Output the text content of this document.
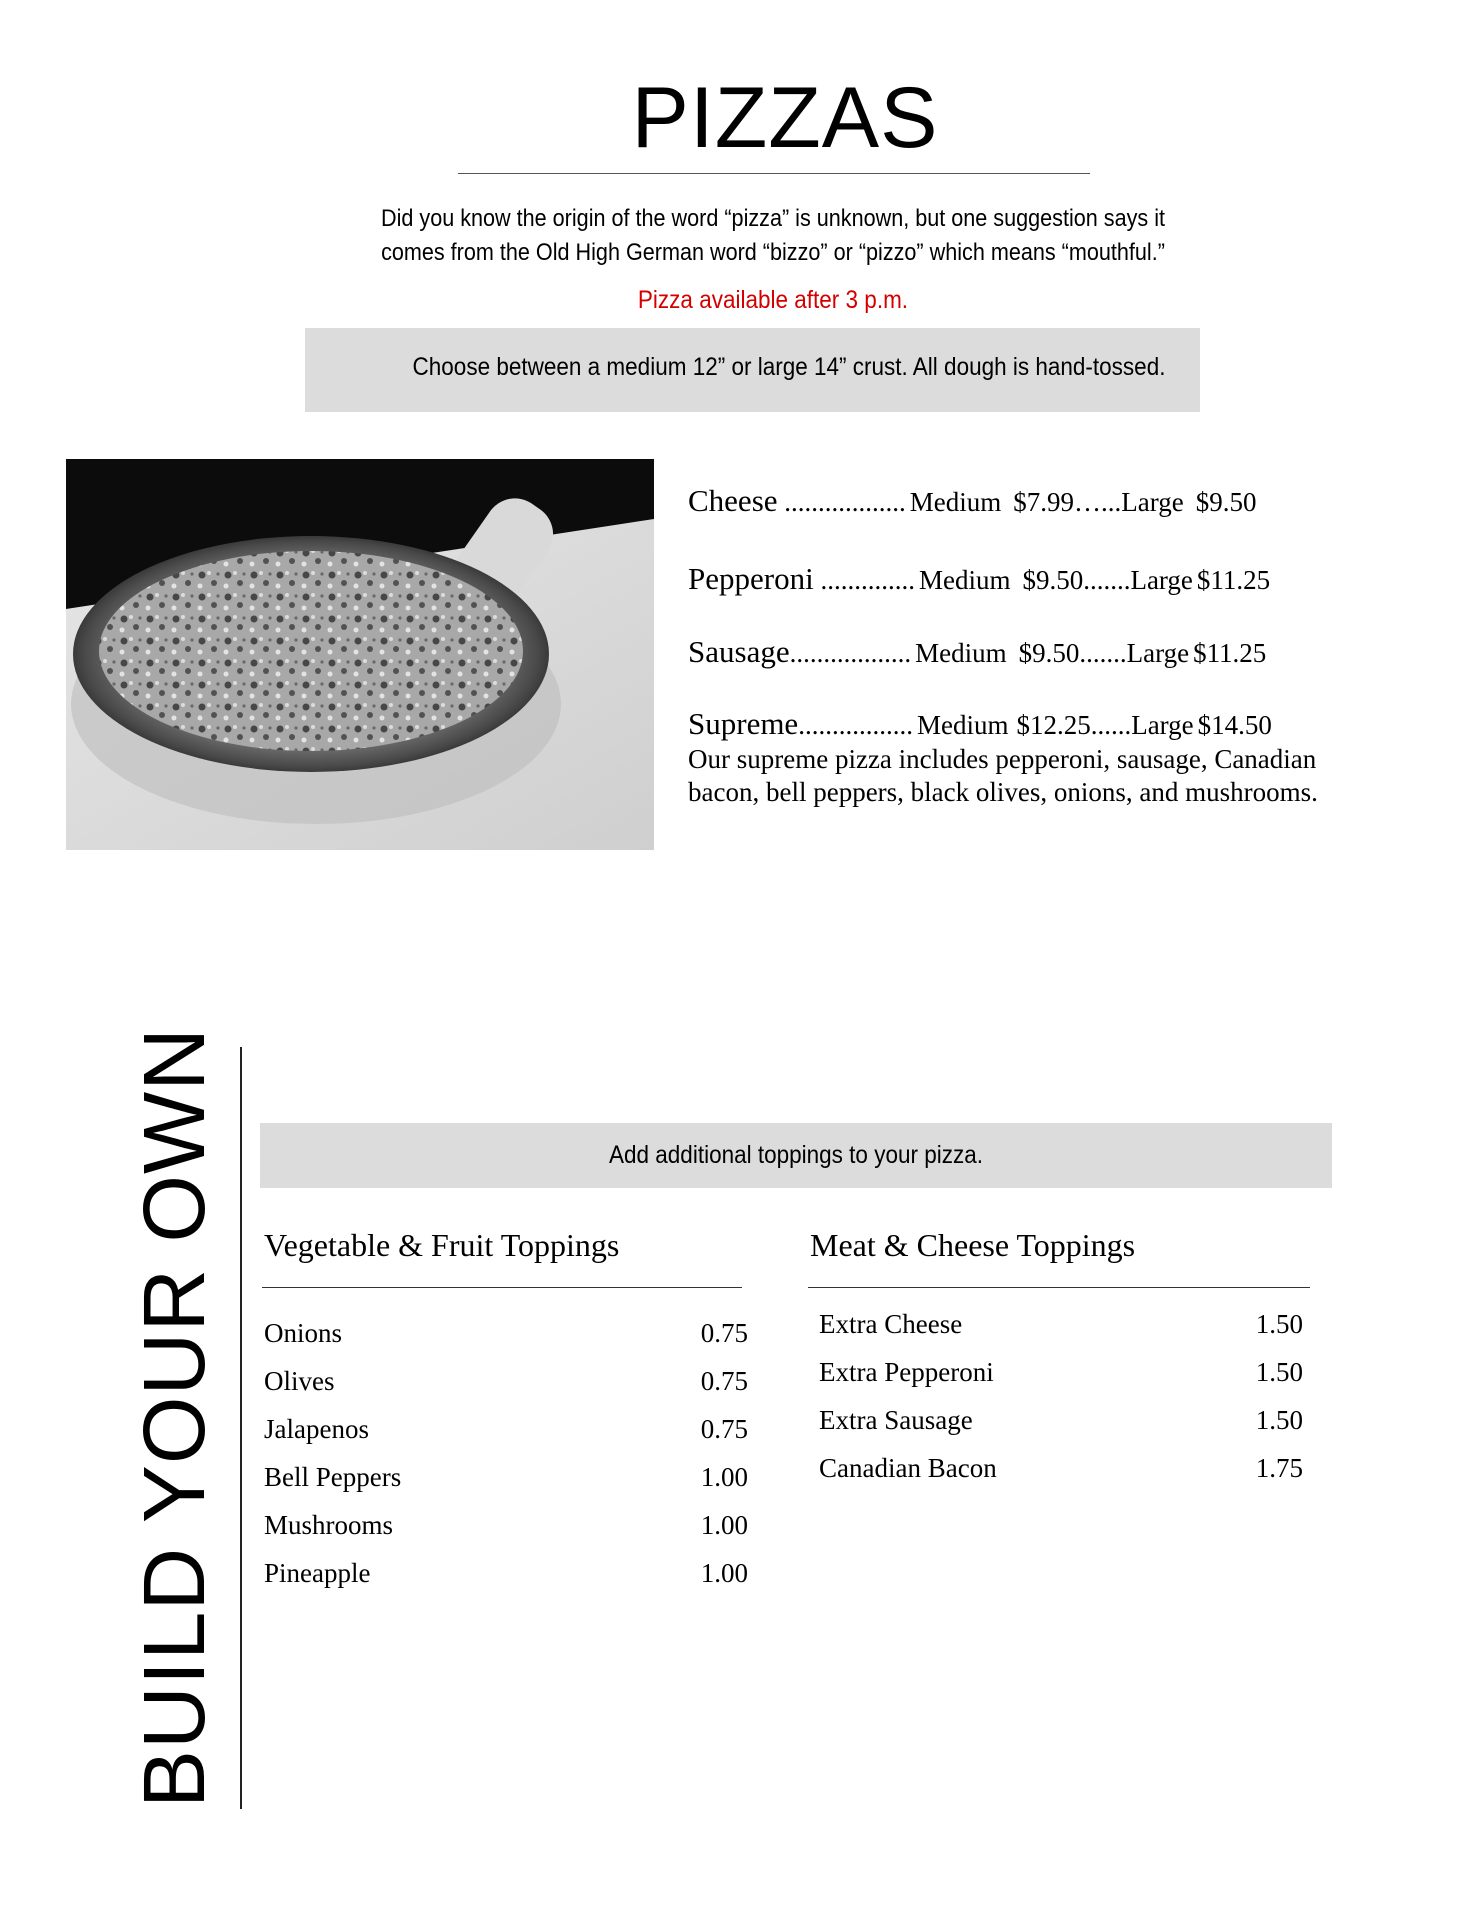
PIZZAS
Did you know the origin of the word “pizza” is unknown, but one suggestion says it
comes from the Old High German word “bizzo” or “pizzo” which means “mouthful.”
Pizza available after 3 p.m.
Choose between a medium 12” or large 14” crust. All dough is hand-tossed.
Cheese .................. Medium $7.99…...Large $9.50
Pepperoni .............. Medium $9.50.......Large $11.25
Sausage.................. Medium $9.50.......Large $11.25
Supreme................. Medium $12.25......Large $14.50
Our supreme pizza includes pepperoni, sausage, Canadian
bacon, bell peppers, black olives, onions, and mushrooms.
BUILD YOUR OWN	Add additional toppings to your pizza.
Vegetable & Fruit Toppings	Meat & Cheese Toppings
Onions	0.75
Olives	0.75
Jalapenos	0.75
Bell Peppers	1.00
Mushrooms	1.00
Pineapple	1.00
Extra Cheese	1.50
Extra Pepperoni	1.50
Extra Sausage	1.50
Canadian Bacon	1.75
